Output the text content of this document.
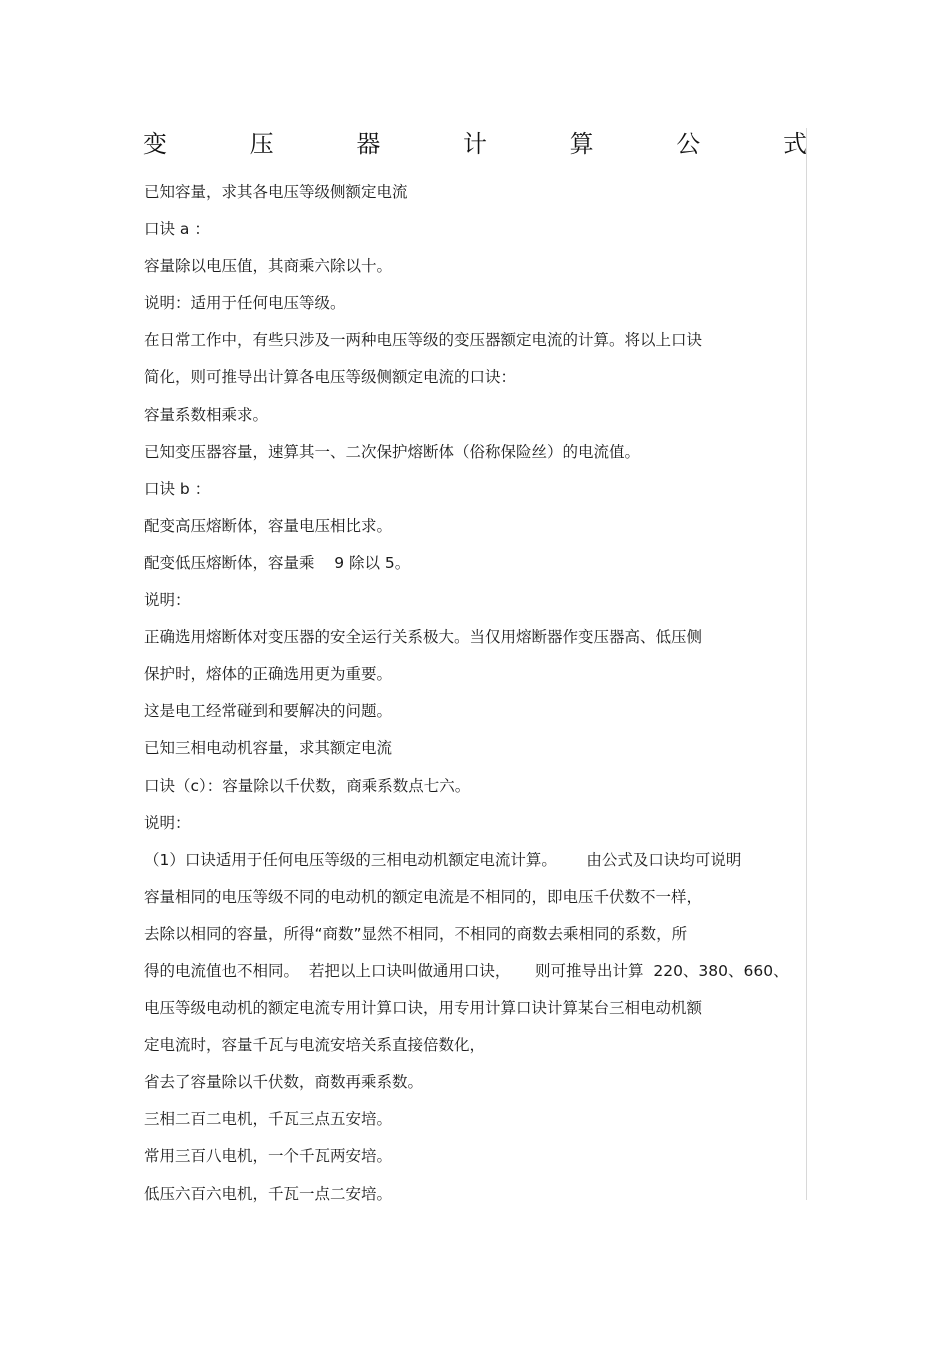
变	压	器	计	算	公	式
已知容量，求其各电压等级侧额定电流
口诀 a ：
容量除以电压值，其商乘六除以十。
说明：适用于任何电压等级。
在日常工作中，有些只涉及一两种电压等级的变压器额定电流的计算。将以上口诀
简化，则可推导出计算各电压等级侧额定电流的口诀：
容量系数相乘求。
已知变压器容量，速算其一、二次保护熔断体（俗称保险丝）的电流值。
口诀 b ：
配变高压熔断体，容量电压相比求。
配变低压熔断体，容量乘    9 除以 5。
说明：
正确选用熔断体对变压器的安全运行关系极大。当仅用熔断器作变压器高、低压侧
保护时，熔体的正确选用更为重要。
这是电工经常碰到和要解决的问题。
已知三相电动机容量，求其额定电流
口诀（c）：容量除以千伏数，商乘系数点七六。
说明：
（1）口诀适用于任何电压等级的三相电动机额定电流计算。      由公式及口诀均可说明
容量相同的电压等级不同的电动机的额定电流是不相同的，即电压千伏数不一样，
去除以相同的容量，所得“商数”显然不相同，不相同的商数去乘相同的系数，所
得的电流值也不相同。  若把以上口诀叫做通用口诀，     则可推导出计算  220、380、660、
电压等级电动机的额定电流专用计算口诀，用专用计算口诀计算某台三相电动机额
定电流时，容量千瓦与电流安培关系直接倍数化，
省去了容量除以千伏数，商数再乘系数。
三相二百二电机，千瓦三点五安培。
常用三百八电机，一个千瓦两安培。
低压六百六电机，千瓦一点二安培。
